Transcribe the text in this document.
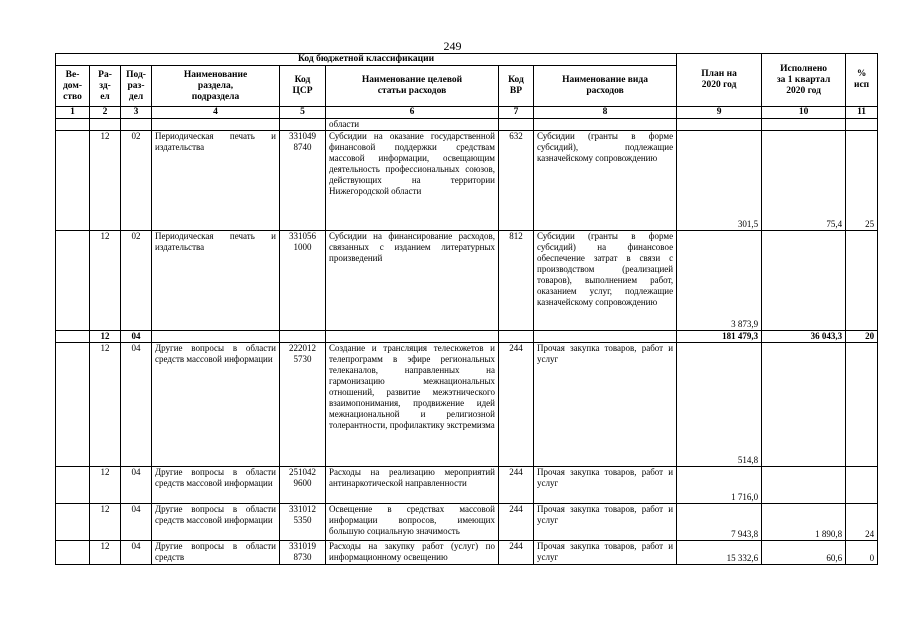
249
Код бюджетной классификации								План на
2020 год	Исполнено
за 1 квартал
2020 год	%
исп
Ве-
дом-
ство	Ра-
зд-
ел	Под-
раз-
дел	Наименование
раздела,
подраздела	Код
ЦСР	Наименование целевой
статьи расходов	Код
ВР	Наименование вида
расходов			
1	2	3	4	5	6	7	8	9	10	11
					области					
	12	02	Периодическая печать и издательства	331049 8740	Субсидии на оказание государственной финансовой поддержки средствам массовой информации, освещающим деятельность профессиональных союзов, действующих на территории Нижегородской области	632	Субсидии (гранты в форме субсидий), подлежащие казначейскому сопровождению	301,5	75,4	25
	12	02	Периодическая печать и издательства	331056 1000	Субсидии на финансирование расходов, связанных с изданием литературных произведений	812	Субсидии (гранты в форме субсидий) на финансовое обеспечение затрат в связи с производством (реализацией товаров), выполнением работ, оказанием услуг, подлежащие казначейскому сопровождению	3 873,9		
	12	04						181 479,3	36 043,3	20
	12	04	Другие вопросы в области средств массовой информации	222012 5730	Создание и трансляция телесюжетов и телепрограмм в эфире региональных телеканалов, направленных на гармонизацию межнациональных отношений, развитие межэтнического взаимопонимания, продвижение идей межнациональной и религиозной толерантности, профилактику экстремизма	244	Прочая закупка товаров, работ и услуг	514,8		
	12	04	Другие вопросы в области средств массовой информации	251042 9600	Расходы на реализацию мероприятий антинаркотической направленности	244	Прочая закупка товаров, работ и услуг	1 716,0		
	12	04	Другие вопросы в области средств массовой информации	331012 5350	Освещение в средствах массовой информации вопросов, имеющих большую социальную значимость	244	Прочая закупка товаров, работ и услуг	7 943,8	1 890,8	24
	12	04	Другие вопросы в области средств	331019 8730	Расходы на закупку работ (услуг) по информационному освещению	244	Прочая закупка товаров, работ и услуг	15 332,6	60,6	0
